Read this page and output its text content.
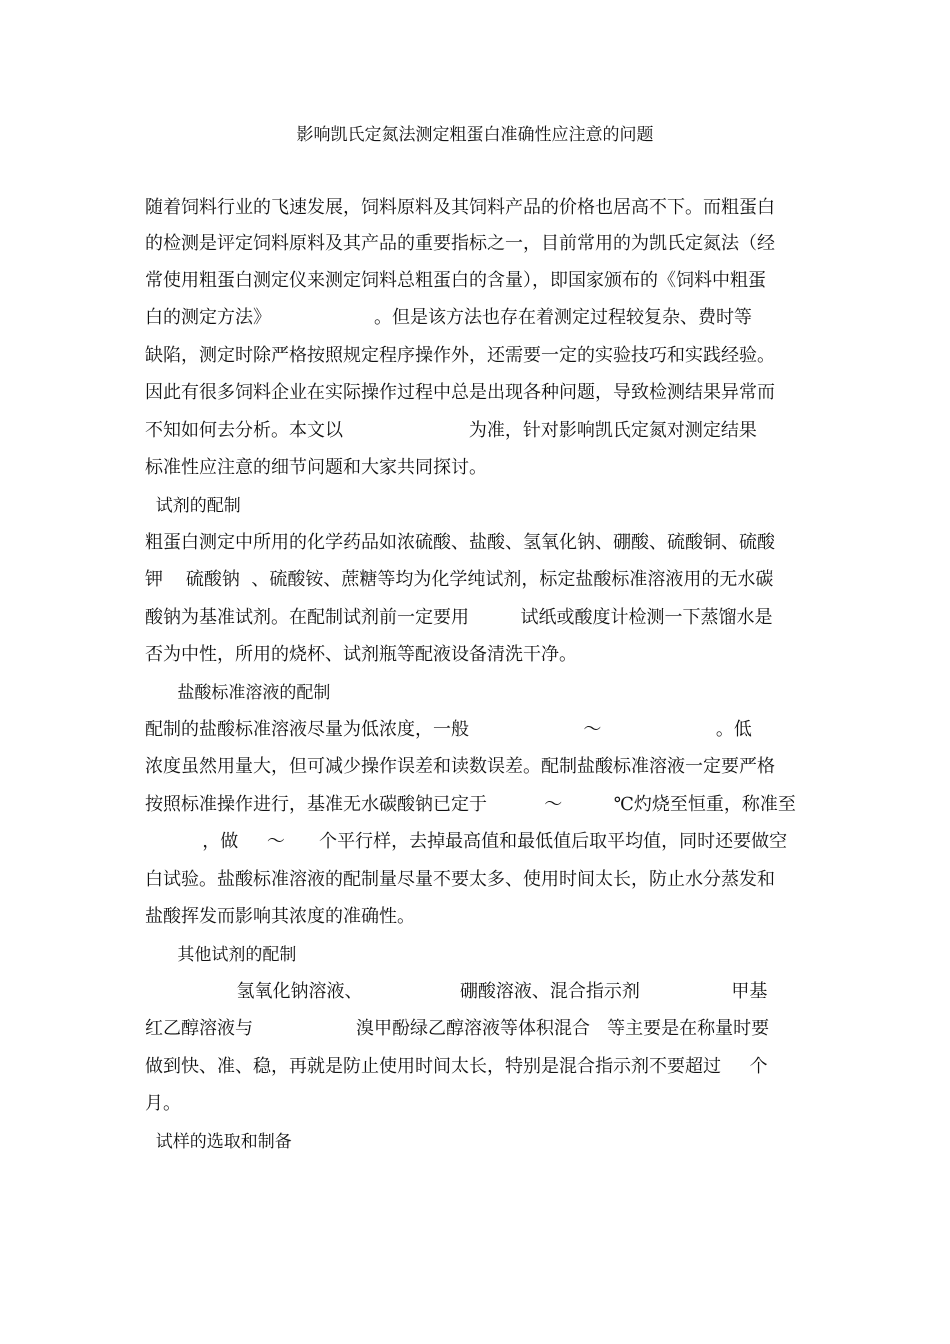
影响凯氏定氮法测定粗蛋白准确性应注意的问题
随着饲料行业的飞速发展，饲料原料及其饲料产品的价格也居高不下。而粗蛋白
的检测是评定饲料原料及其产品的重要指标之一，目前常用的为凯氏定氮法（经
常使用粗蛋白测定仪来测定饲料总粗蛋白的含量），即国家颁布的《饲料中粗蛋
白的测定方法》                  。但是该方法也存在着测定过程较复杂、费时等
缺陷，测定时除严格按照规定程序操作外，还需要一定的实验技巧和实践经验。
因此有很多饲料企业在实际操作过程中总是出现各种问题，导致检测结果异常而
不知如何去分析。本文以                      为准，针对影响凯氏定氮对测定结果
标准性应注意的细节问题和大家共同探讨。
试剂的配制
粗蛋白测定中所用的化学药品如浓硫酸、盐酸、氢氧化钠、硼酸、硫酸铜、硫酸
钾    硫酸钠  、硫酸铵、蔗糖等均为化学纯试剂，标定盐酸标准溶液用的无水碳
酸钠为基准试剂。在配制试剂前一定要用         试纸或酸度计检测一下蒸馏水是
否为中性，所用的烧杯、试剂瓶等配液设备清洗干净。
盐酸标准溶液的配制
配制的盐酸标准溶液尽量为低浓度，一般                    ～                    。低
浓度虽然用量大，但可减少操作误差和读数误差。配制盐酸标准溶液一定要严格
按照标准操作进行，基准无水碳酸钠已定于          ～         ℃灼烧至恒重，称准至
，做     ～      个平行样，去掉最高值和最低值后取平均值，同时还要做空
白试验。盐酸标准溶液的配制量尽量不要太多、使用时间太长，防止水分蒸发和
盐酸挥发而影响其浓度的准确性。
其他试剂的配制
氢氧化钠溶液、                 硼酸溶液、混合指示剂                甲基
红乙醇溶液与                  溴甲酚绿乙醇溶液等体积混合   等主要是在称量时要
做到快、准、稳，再就是防止使用时间太长，特别是混合指示剂不要超过     个
月。
试样的选取和制备
